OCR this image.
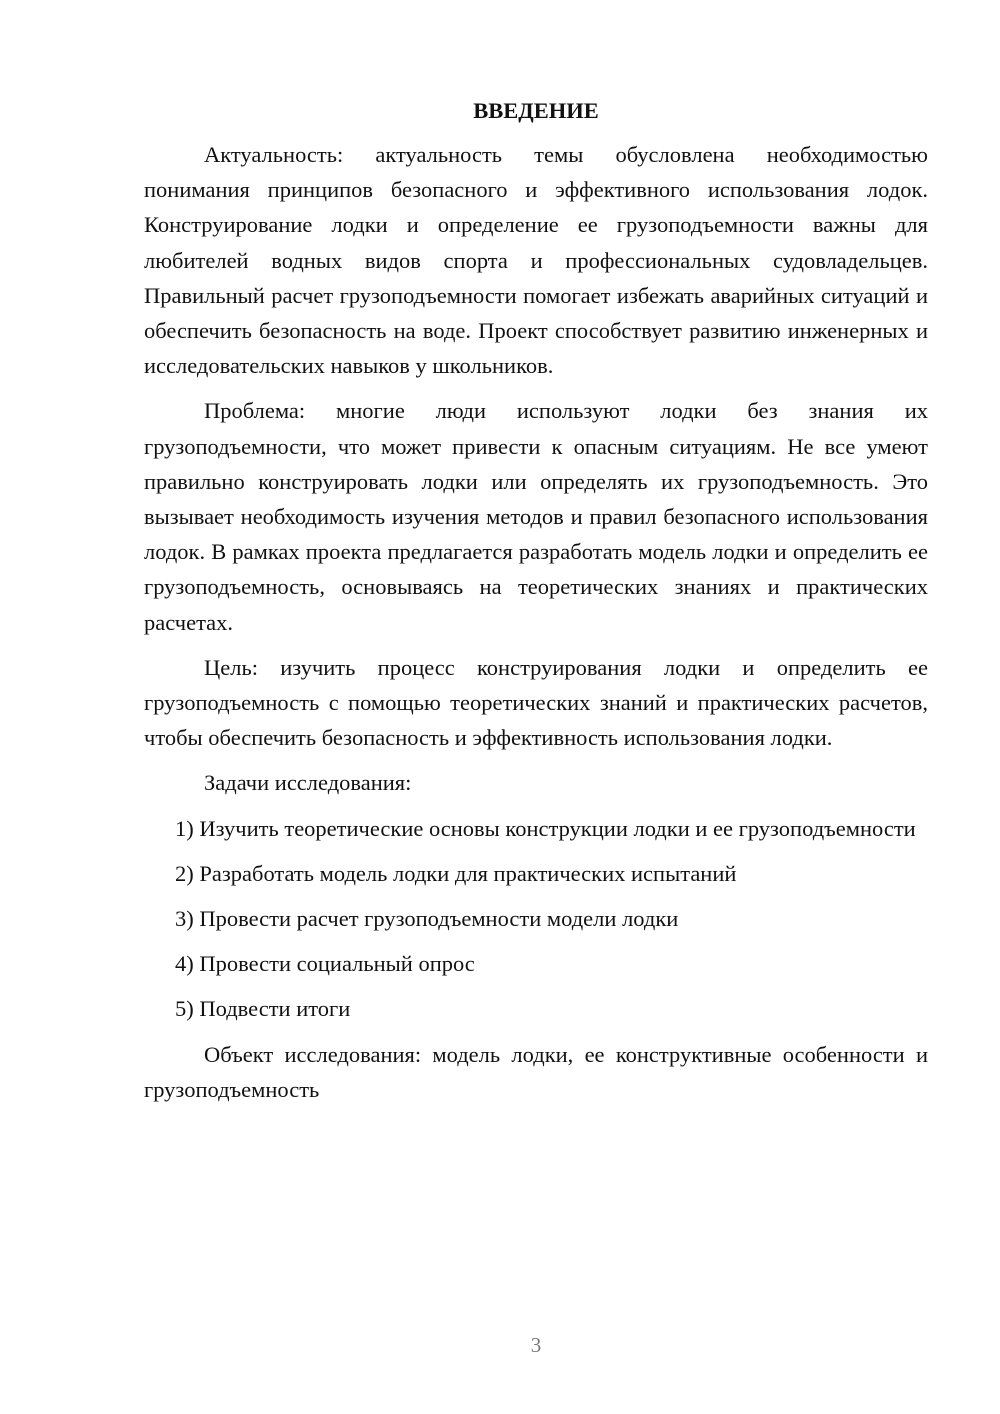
ВВЕДЕНИЕ

Актуальность: актуальность темы обусловлена необходимостью понимания принципов безопасного и эффективного использования лодок. Конструирование лодки и определение ее грузоподъемности важны для любителей водных видов спорта и профессиональных судовладельцев. Правильный расчет грузоподъемности помогает избежать аварийных ситуаций и обеспечить безопасность на воде. Проект способствует развитию инженерных и исследовательских навыков у школьников.

Проблема: многие люди используют лодки без знания их грузоподъемности, что может привести к опасным ситуациям. Не все умеют правильно конструировать лодки или определять их грузоподъемность. Это вызывает необходимость изучения методов и правил безопасного использования лодок. В рамках проекта предлагается разработать модель лодки и определить ее грузоподъемность, основываясь на теоретических знаниях и практических расчетах.

Цель: изучить процесс конструирования лодки и определить ее грузоподъемность с помощью теоретических знаний и практических расчетов, чтобы обеспечить безопасность и эффективность использования лодки.

Задачи исследования:

1) Изучить теоретические основы конструкции лодки и ее грузоподъемности

2) Разработать модель лодки для практических испытаний

3) Провести расчет грузоподъемности модели лодки

4) Провести социальный опрос

5) Подвести итоги

Объект исследования: модель лодки, ее конструктивные особенности и грузоподъемность

3
